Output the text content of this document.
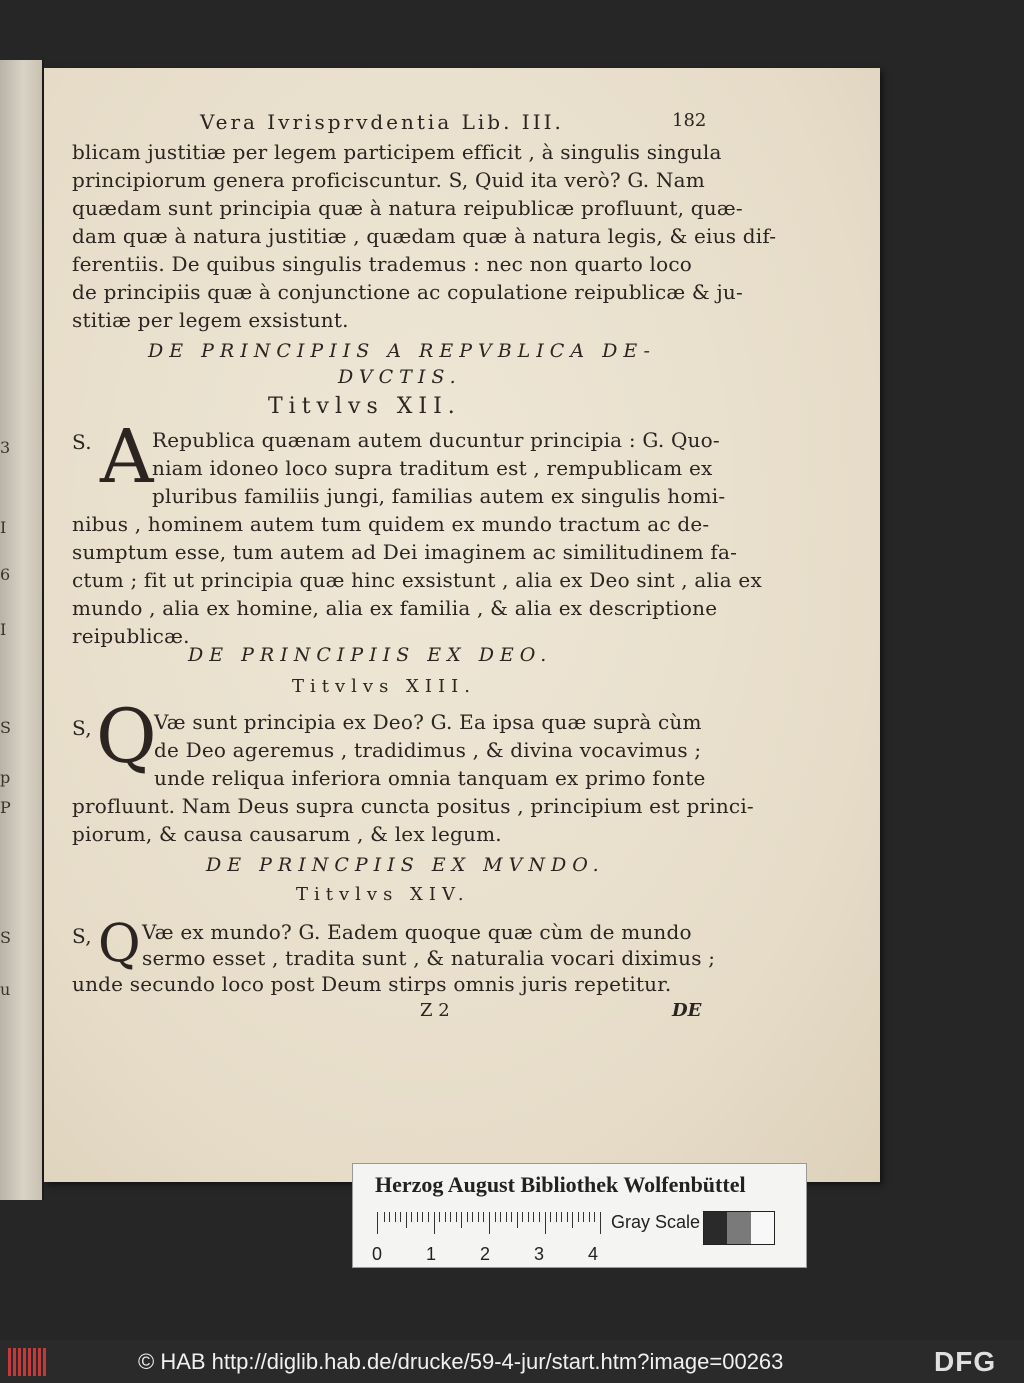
3
I
6
I
S
p
P
S
u
Vera Ivrisprvdentia Lib. III.	182
blicam justitiæ per legem participem efficit , à singulis singula
principiorum genera proficiscuntur. S, Quid ita verò? G. Nam
quædam sunt principia quæ à natura reipublicæ profluunt, quæ-
dam quæ à natura justitiæ , quædam quæ à natura legis, & eius dif-
ferentiis. De quibus singulis trademus : nec non quarto loco
de principiis quæ à conjunctione ac copulatione reipublicæ & ju-
stitiæ per legem exsistunt.
DE PRINCIPIIS A REPVBLICA DE-
DVCTIS.
Titvlvs XII.
S. A
Republica quænam autem ducuntur principia : G. Quo-
niam idoneo loco supra traditum est , rempublicam ex
pluribus familiis jungi, familias autem ex singulis homi-
nibus , hominem autem tum quidem ex mundo tractum ac de-
sumptum esse, tum autem ad Dei imaginem ac similitudinem fa-
ctum ; fit ut principia quæ hinc exsistunt , alia ex Deo sint , alia ex
mundo , alia ex homine, alia ex familia , & alia ex descriptione
reipublicæ.
DE PRINCIPIIS EX DEO.
Titvlvs XIII.
S, Q
Væ sunt principia ex Deo? G. Ea ipsa quæ suprà cùm
de Deo ageremus , tradidimus , & divina vocavimus ;
unde reliqua inferiora omnia tanquam ex primo fonte
profluunt. Nam Deus supra cuncta positus , principium est princi-
piorum, & causa causarum , & lex legum.
DE PRINCPIIS EX MVNDO.
Titvlvs XIV.
S, Q Væ ex mundo? G. Eadem quoque quæ cùm de mundo
sermo esset , tradita sunt , & naturalia vocari diximus ;
unde secundo loco post Deum stirps omnis juris repetitur.
Z 2	DE
Herzog August Bibliothek Wolfenbüttel
0 1 2 3 4
Gray Scale
© HAB http://diglib.hab.de/drucke/59-4-jur/start.htm?image=00263	DFG
